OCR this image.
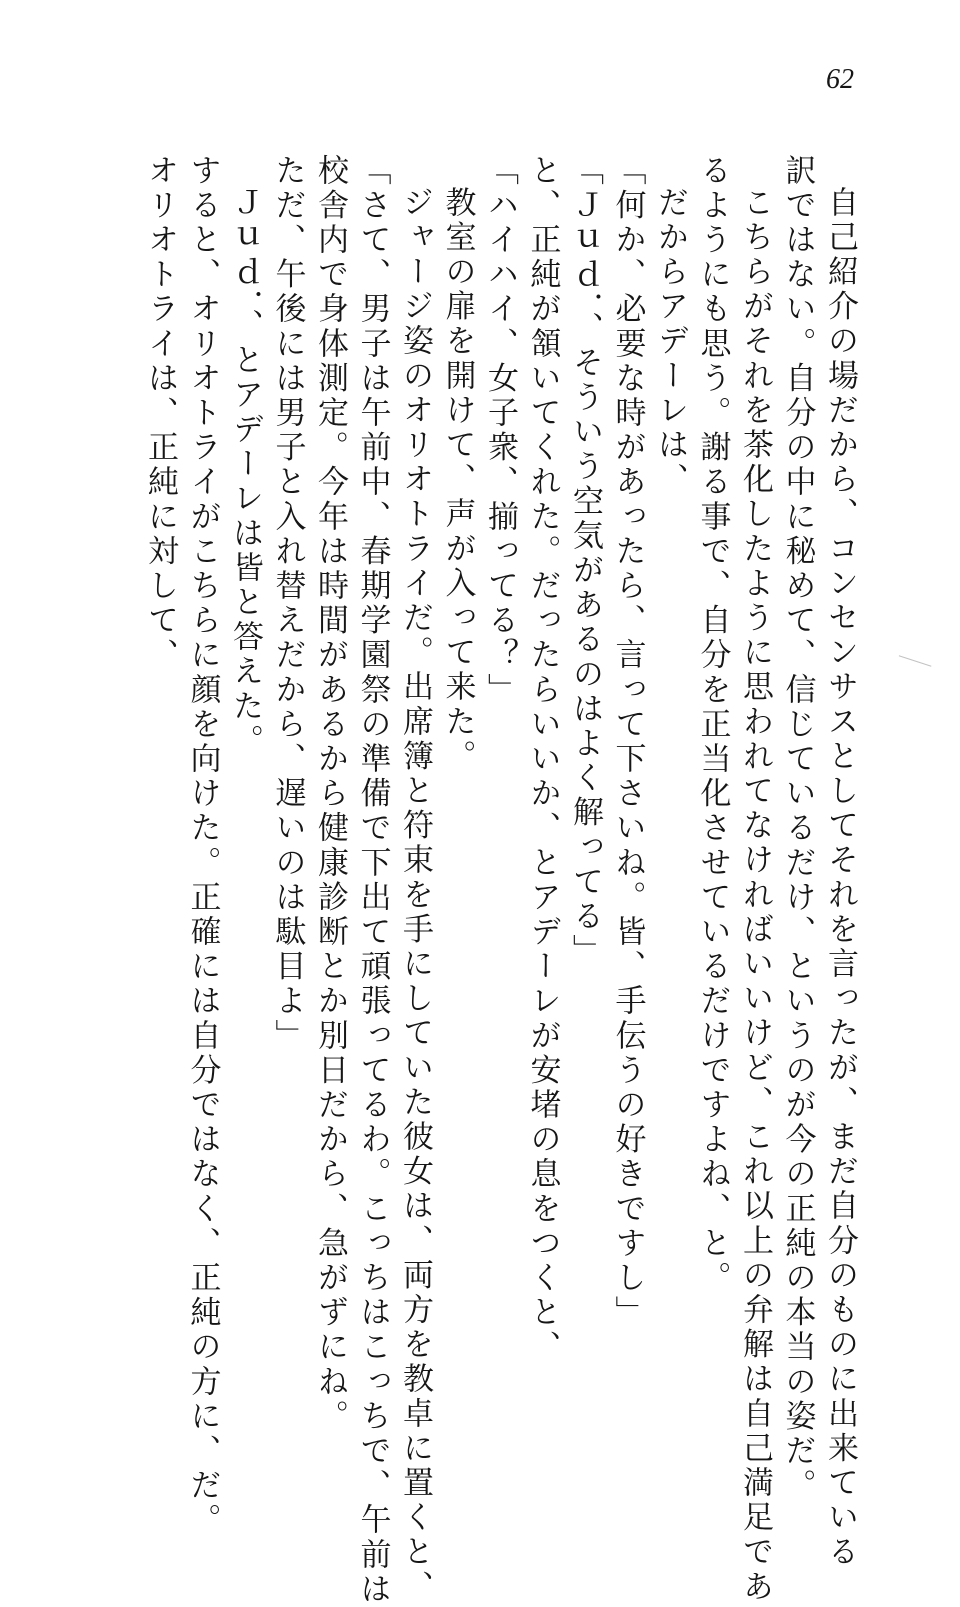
62
自己紹介の場だから、コンセンサスとしてそれを言ったが、まだ自分のものに出来ている
訳ではない。自分の中に秘めて、信じているだけ、というのが今の正純の本当の姿だ。
こちらがそれを茶化したように思われてなければいいけど、これ以上の弁解は自己満足であ
るようにも思う。謝る事で、自分を正当化させているだけですよね、と。
だからアデーレは、
「何か、必要な時があったら、言って下さいね。皆、手伝うの好きですし」
「Ｊｕｄ．、そういう空気があるのはよく解ってる」
と、正純が頷いてくれた。だったらいいか、とアデーレが安堵の息をつくと、
「ハイハイ、女子衆、揃ってる？」
教室の扉を開けて、声が入って来た。
ジャージ姿のオリオトライだ。出席簿と符束を手にしていた彼女は、両方を教卓に置くと、
「さて、男子は午前中、春期学園祭の準備で下出て頑張ってるわ。こっちはこっちで、午前は
校舎内で身体測定。今年は時間があるから健康診断とか別日だから、急がずにね。
ただ、午後には男子と入れ替えだから、遅いのは駄目よ」
Ｊｕｄ．、とアデーレは皆と答えた。
すると、オリオトライがこちらに顔を向けた。正確には自分ではなく、正純の方に、だ。
オリオトライは、正純に対して、
